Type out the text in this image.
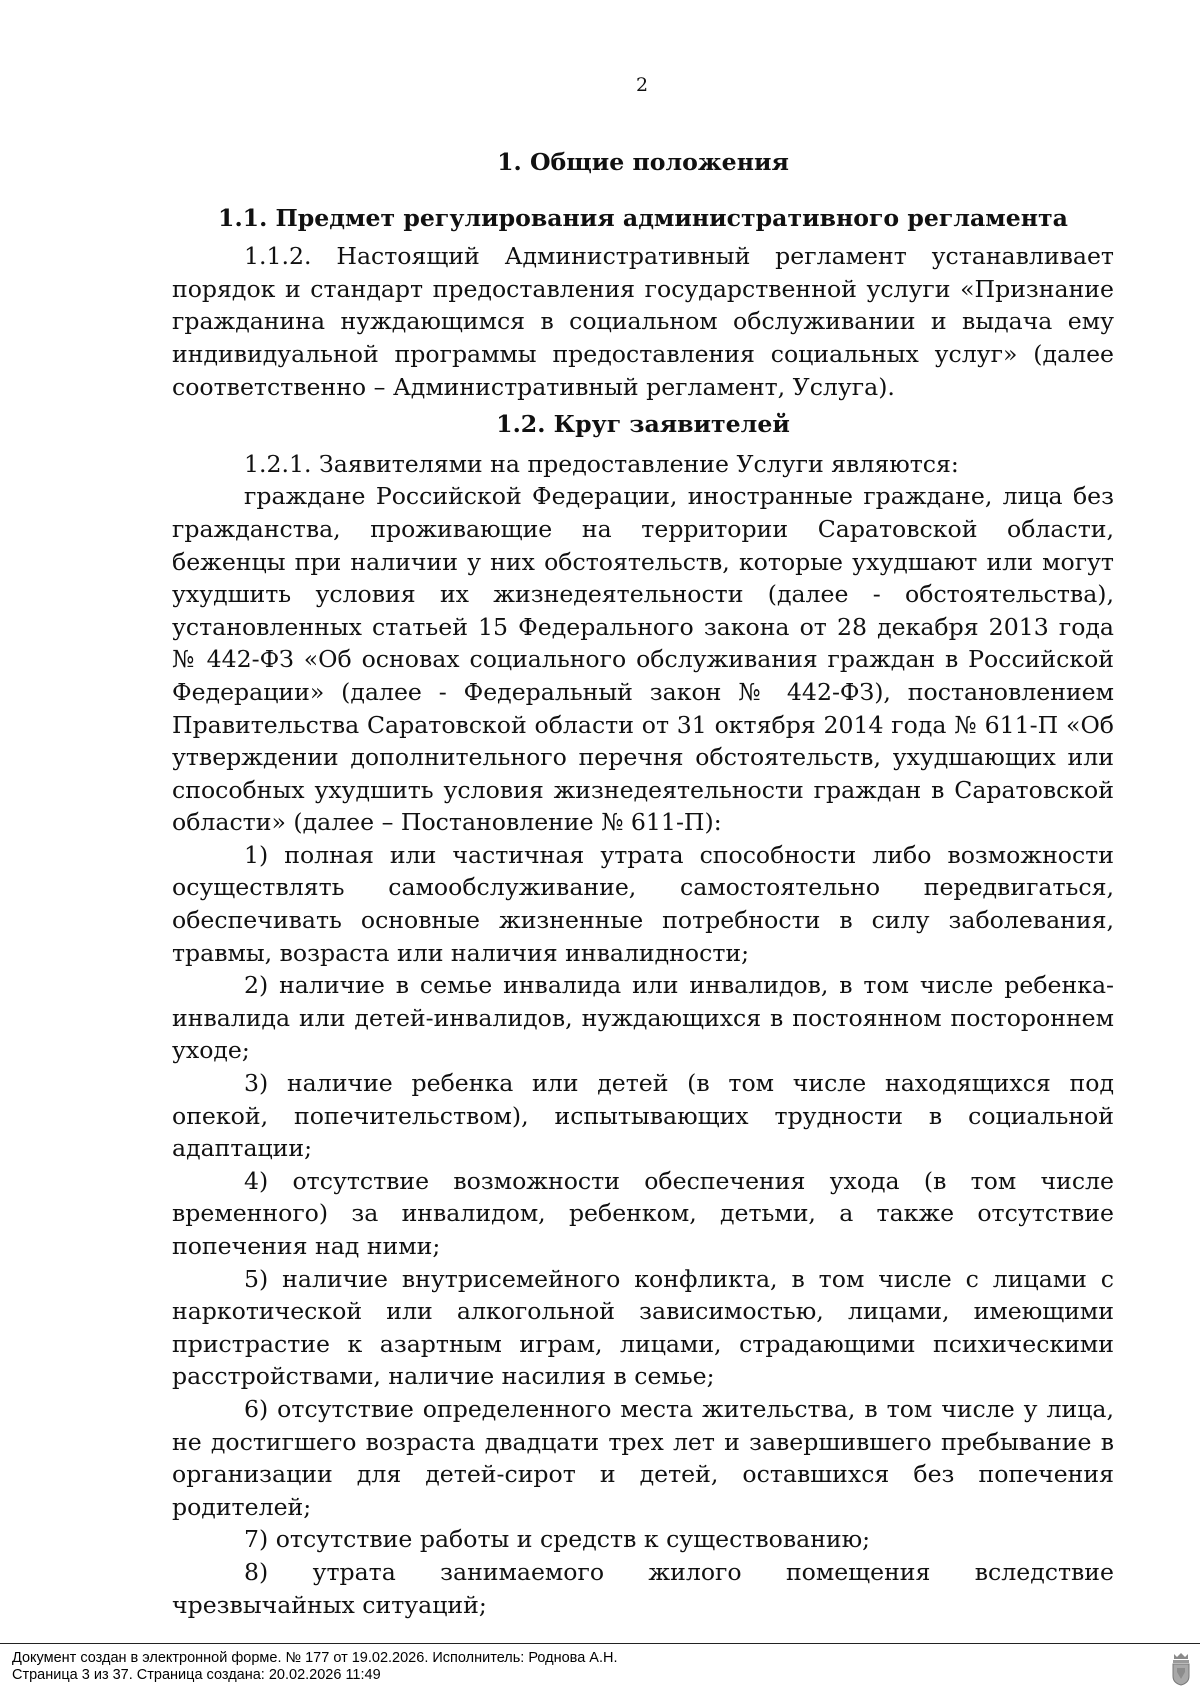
2
1. Общие положения
1.1. Предмет регулирования административного регламента

1.1.2. Настоящий Административный регламент устанавливает порядок и стандарт предоставления государственной услуги «Признание гражданина нуждающимся в социальном обслуживании и выдача ему индивидуальной программы предоставления социальных услуг» (далее соответственно – Административный регламент, Услуга).

1.2. Круг заявителей

1.2.1. Заявителями на предоставление Услуги являются:

граждане Российской Федерации, иностранные граждане, лица без гражданства, проживающие на территории Саратовской области, беженцы при наличии у них обстоятельств, которые ухудшают или могут ухудшить условия их жизнедеятельности (далее - обстоятельства), установленных статьей 15 Федерального закона от 28 декабря 2013 года № 442-ФЗ «Об основах социального обслуживания граждан в Российской Федерации» (далее - Федеральный закон № 442-ФЗ), постановлением Правительства Саратовской области от 31 октября 2014 года № 611-П «Об утверждении дополнительного перечня обстоятельств, ухудшающих или способных ухудшить условия жизнедеятельности граждан в Саратовской области» (далее – Постановление № 611-П):

1) полная или частичная утрата способности либо возможности осуществлять самообслуживание, самостоятельно передвигаться, обеспечивать основные жизненные потребности в силу заболевания, травмы, возраста или наличия инвалидности;

2) наличие в семье инвалида или инвалидов, в том числе ребенка-инвалида или детей-инвалидов, нуждающихся в постоянном постороннем уходе;

3) наличие ребенка или детей (в том числе находящихся под опекой, попечительством), испытывающих трудности в социальной адаптации;

4) отсутствие возможности обеспечения ухода (в том числе временного) за инвалидом, ребенком, детьми, а также отсутствие попечения над ними;

5) наличие внутрисемейного конфликта, в том числе с лицами с наркотической или алкогольной зависимостью, лицами, имеющими пристрастие к азартным играм, лицами, страдающими психическими расстройствами, наличие насилия в семье;

6) отсутствие определенного места жительства, в том числе у лица, не достигшего возраста двадцати трех лет и завершившего пребывание в организации для детей-сирот и детей, оставшихся без попечения родителей;

7) отсутствие работы и средств к существованию;

8) утрата занимаемого жилого помещения вследствие чрезвычайных ситуаций;

Документ создан в электронной форме. № 177 от 19.02.2026. Исполнитель: Роднова А.Н.
Страница 3 из 37. Страница создана: 20.02.2026 11:49
